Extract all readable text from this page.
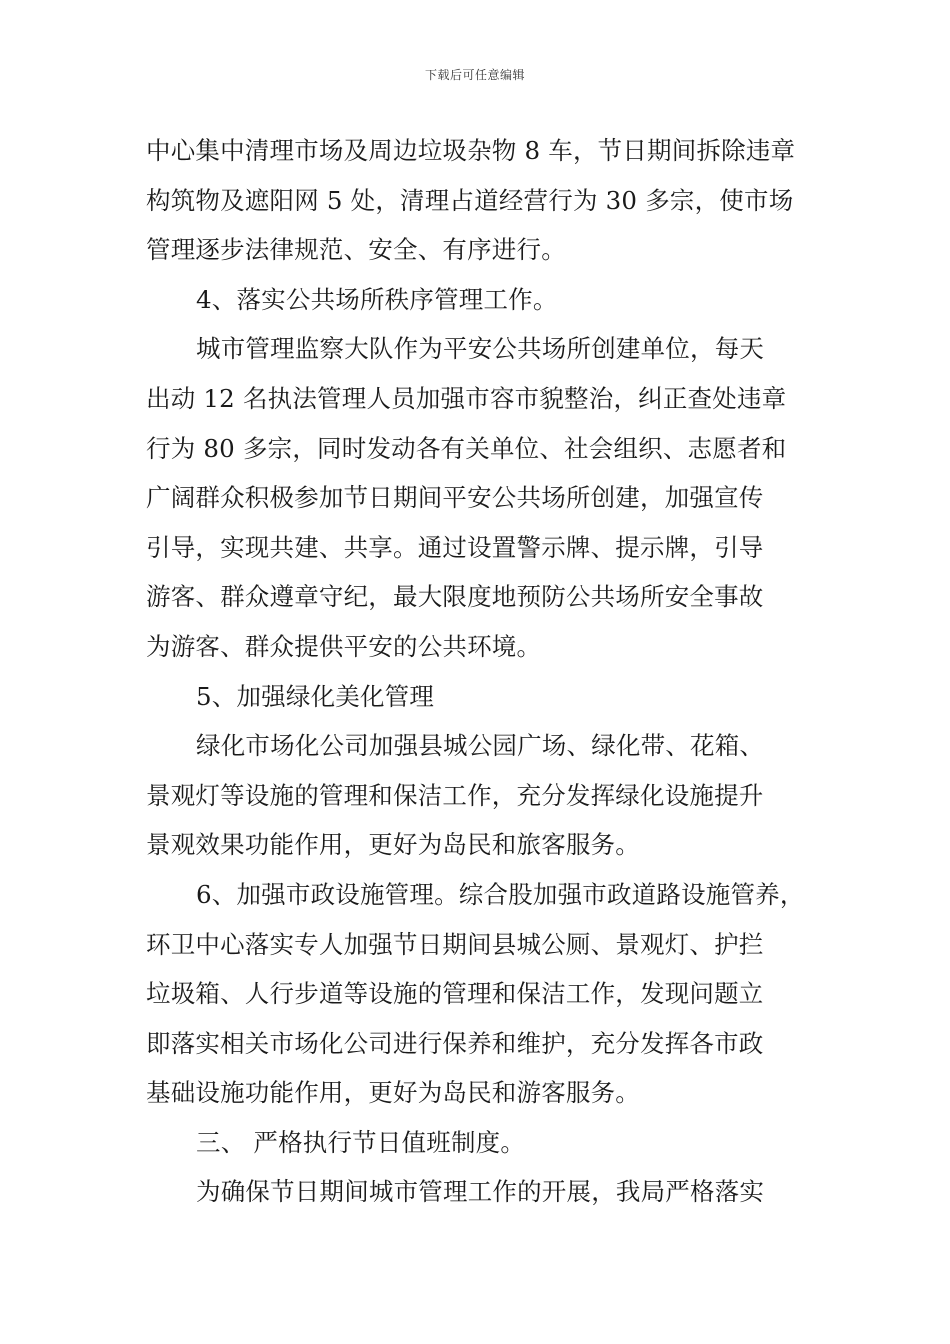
下载后可任意编辑
中心集中清理市场及周边垃圾杂物 8 车，节日期间拆除违章
构筑物及遮阳网 5 处，清理占道经营行为 30 多宗，使市场
管理逐步法律规范、安全、有序进行。
4、落实公共场所秩序管理工作。
城市管理监察大队作为平安公共场所创建单位，每天
出动 12 名执法管理人员加强市容市貌整治，纠正查处违章
行为 80 多宗，同时发动各有关单位、社会组织、志愿者和
广阔群众积极参加节日期间平安公共场所创建，加强宣传
引导，实现共建、共享。通过设置警示牌、提示牌，引导
游客、群众遵章守纪，最大限度地预防公共场所安全事故
为游客、群众提供平安的公共环境。
5、加强绿化美化管理
绿化市场化公司加强县城公园广场、绿化带、花箱、
景观灯等设施的管理和保洁工作，充分发挥绿化设施提升
景观效果功能作用，更好为岛民和旅客服务。
6、加强市政设施管理。综合股加强市政道路设施管养，
环卫中心落实专人加强节日期间县城公厕、景观灯、护拦
垃圾箱、人行步道等设施的管理和保洁工作，发现问题立
即落实相关市场化公司进行保养和维护，充分发挥各市政
基础设施功能作用，更好为岛民和游客服务。
三、 严格执行节日值班制度。
为确保节日期间城市管理工作的开展，我局严格落实
